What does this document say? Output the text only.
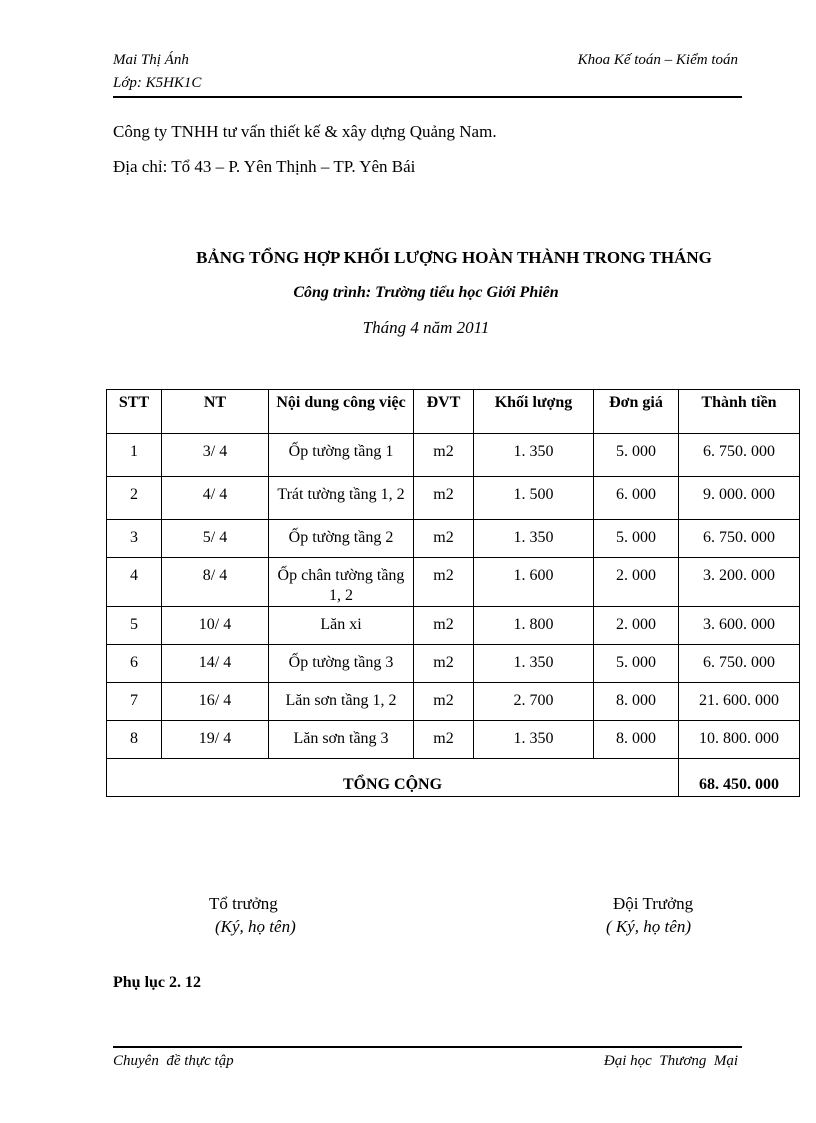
Mai Thị Ánh
Lớp: K5HK1C
Khoa Kế toán – Kiểm toán
Công ty TNHH tư vấn thiết kế & xây dựng Quảng Nam.
Địa chỉ: Tổ 43 – P. Yên Thịnh – TP. Yên Bái
BẢNG TỔNG HỢP KHỐI LƯỢNG HOÀN THÀNH TRONG THÁNG
Công trình: Trường tiểu học Giới Phiên
Tháng 4 năm 2011
STT	NT	Nội dung công việc	ĐVT	Khối lượng	Đơn giá	Thành tiền
1	3/ 4	Ốp tường tầng 1	m2	1. 350	5. 000	6. 750. 000
2	4/ 4	Trát tường tầng 1, 2	m2	1. 500	6. 000	9. 000. 000
3	5/ 4	Ốp tường tầng 2	m2	1. 350	5. 000	6. 750. 000
4	8/ 4	Ốp chân tường tầng 1, 2	m2	1. 600	2. 000	3. 200. 000
5	10/ 4	Lăn xi	m2	1. 800	2. 000	3. 600. 000
6	14/ 4	Ốp tường tầng 3	m2	1. 350	5. 000	6. 750. 000
7	16/ 4	Lăn sơn tầng 1, 2	m2	2. 700	8. 000	21. 600. 000
8	19/ 4	Lăn sơn tầng 3	m2	1. 350	8. 000	10. 800. 000
TỔNG CỘNG						68. 450. 000
Tổ trưởng
(Ký, họ tên)
Đội Trưởng
( Ký, họ tên)
Phụ lục 2. 12
Chuyên  đề thực tập	Đại học  Thương  Mại
